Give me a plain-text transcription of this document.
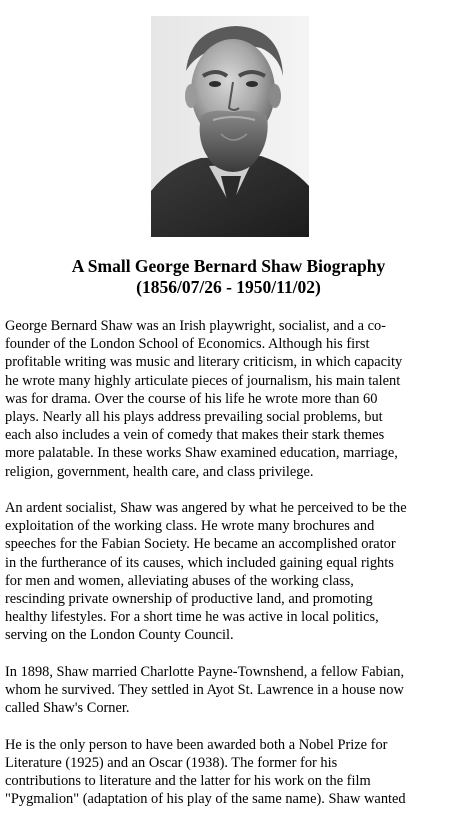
A Small George Bernard Shaw Biography
(1856/07/26 - 1950/11/02)

George Bernard Shaw was an Irish playwright, socialist, and a co-
founder of the London School of Economics. Although his first
profitable writing was music and literary criticism, in which capacity
he wrote many highly articulate pieces of journalism, his main talent
was for drama. Over the course of his life he wrote more than 60
plays. Nearly all his plays address prevailing social problems, but
each also includes a vein of comedy that makes their stark themes
more palatable. In these works Shaw examined education, marriage,
religion, government, health care, and class privilege.

An ardent socialist, Shaw was angered by what he perceived to be the
exploitation of the working class. He wrote many brochures and
speeches for the Fabian Society. He became an accomplished orator
in the furtherance of its causes, which included gaining equal rights
for men and women, alleviating abuses of the working class,
rescinding private ownership of productive land, and promoting
healthy lifestyles. For a short time he was active in local politics,
serving on the London County Council.

In 1898, Shaw married Charlotte Payne-Townshend, a fellow Fabian,
whom he survived. They settled in Ayot St. Lawrence in a house now
called Shaw's Corner.

He is the only person to have been awarded both a Nobel Prize for
Literature (1925) and an Oscar (1938). The former for his
contributions to literature and the latter for his work on the film
"Pygmalion" (adaptation of his play of the same name). Shaw wanted
